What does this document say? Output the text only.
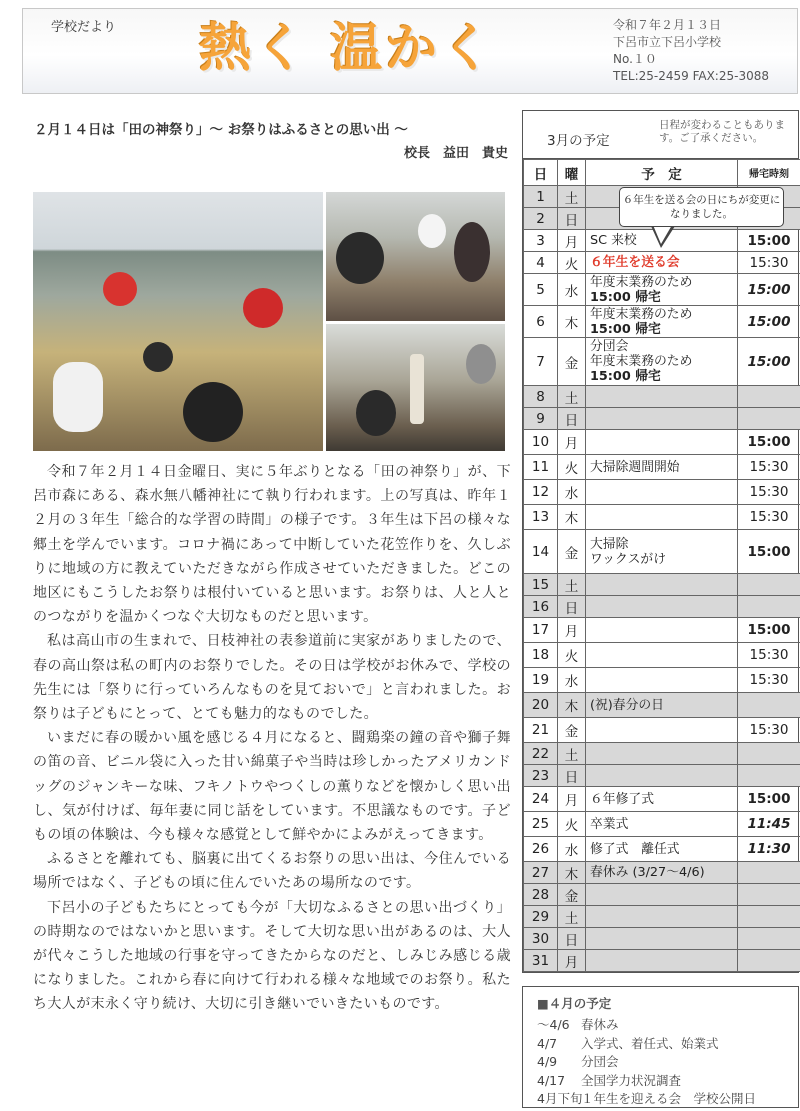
学校だより 熱く 温かく	令和７年２月１３日
下呂市立下呂小学校
No.１０
TEL:25-2459 FAX:25-3088
２月１４日は「田の神祭り」～ お祭りはふるさとの思い出 ～
校長　益田　貴史

令和７年２月１４日金曜日、実に５年ぶりとなる「田の神祭り」が、下呂市森にある、森水無八幡神社にて執り行われます。上の写真は、昨年１２月の３年生「総合的な学習の時間」の様子です。３年生は下呂の様々な郷土を学んでいます。コロナ禍にあって中断していた花笠作りを、久しぶりに地域の方に教えていただきながら作成させていただきました。どこの地区にもこうしたお祭りは根付いていると思います。お祭りは、人と人とのつながりを温かくつなぐ大切なものだと思います。

私は高山市の生まれで、日枝神社の表参道前に実家がありましたので、春の高山祭は私の町内のお祭りでした。その日は学校がお休みで、学校の先生には「祭りに行っていろんなものを見ておいで」と言われました。お祭りは子どもにとって、とても魅力的なものでした。

いまだに春の暖かい風を感じる４月になると、闘鶏楽の鐘の音や獅子舞の笛の音、ビニル袋に入った甘い綿菓子や当時は珍しかったアメリカンドッグのジャンキーな味、フキノトウやつくしの薫りなどを懐かしく思い出し、気が付けば、毎年妻に同じ話をしています。不思議なものです。子どもの頃の体験は、今も様々な感覚として鮮やかによみがえってきます。

ふるさとを離れても、脳裏に出てくるお祭りの思い出は、今住んでいる場所ではなく、子どもの頃に住んでいたあの場所なのです。

下呂小の子どもたちにとっても今が「大切なふるさとの思い出づくり」の時期なのではないかと思います。そして大切な思い出があるのは、大人が代々こうした地域の行事を守ってきたからなのだと、しみじみ感じる歳になりました。これから春に向けて行われる様々な地域でのお祭り。私たち大人が末永く守り続け、大切に引き継いでいきたいものです。

3月の予定
日程が変わることもあります。ご了承ください。
日	曜	予　定	帰宅時刻
1	土	

2	日	

3	月	SC 来校	15:00
4	火	６年生を送る会	15:30
5	水	年度末業務のため
15:00 帰宅	15:00
6	木	年度末業務のため
15:00 帰宅	15:00
7	金	分団会
年度末業務のため
15:00 帰宅	15:00
8	土	

9	日	

10	月		15:00
11	火	大掃除週間開始	15:30
12	水		15:30
13	木		15:30
14	金	大掃除
ワックスがけ	15:00
15	土	

16	日	

17	月		15:00
18	火		15:30
19	水		15:30
20	木	(祝)春分の日	

21	金		15:30
22	土	

23	日	

24	月	６年修了式	15:00
25	火	卒業式	11:45
26	水	修了式　離任式	11:30
27	木	春休み (3/27～4/6)	

28	金	

29	土	

30	日	

31	月	

６年生を送る会の日にちが変更になりました。
■４月の予定
～4/6 春休み
4/7 入学式、着任式、始業式
4/9 分団会
4/17 全国学力状況調査
4月下旬１年生を迎える会　学校公開日
